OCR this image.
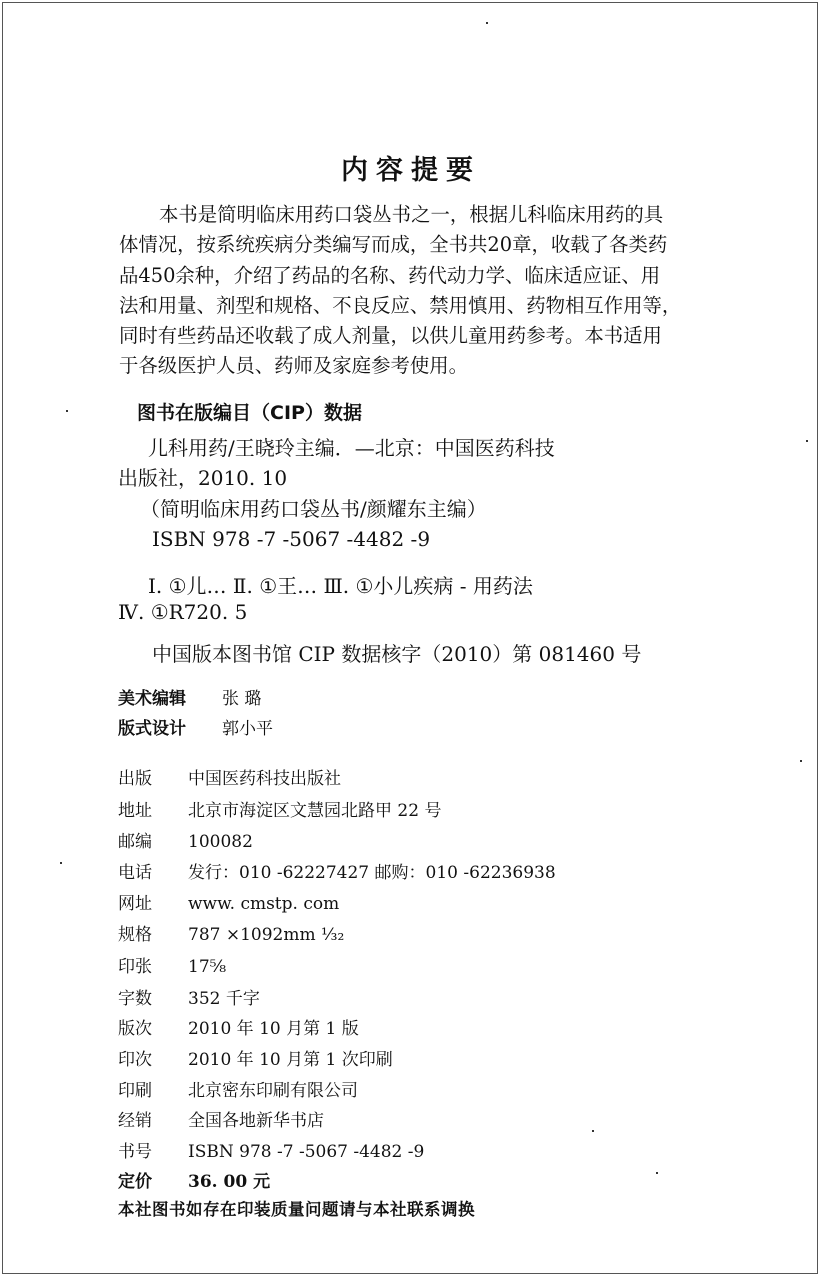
内容提要
本书是简明临床用药口袋丛书之一，根据儿科临床用药的具
体情况，按系统疾病分类编写而成，全书共20章，收载了各类药
品450余种，介绍了药品的名称、药代动力学、临床适应证、用
法和用量、剂型和规格、不良反应、禁用慎用、药物相互作用等，
同时有些药品还收载了成人剂量，以供儿童用药参考。本书适用
于各级医护人员、药师及家庭参考使用。
图书在版编目（CIP）数据
儿科用药/王晓玲主编．—北京：中国医药科技
出版社，2010. 10
（简明临床用药口袋丛书/颜耀东主编）
ISBN 978 -7 -5067 -4482 -9
Ⅰ. ①儿… Ⅱ. ①王… Ⅲ. ①小儿疾病 - 用药法
Ⅳ. ①R720. 5
中国版本图书馆 CIP 数据核字（2010）第 081460 号
美术编辑 张 璐
版式设计 郭小平
出版 中国医药科技出版社
地址 北京市海淀区文慧园北路甲 22 号
邮编 100082
电话 发行：010 -62227427 邮购：010 -62236938
网址 www. cmstp. com
规格 787 ×1092mm ¹⁄₃₂
印张 17⅝
字数 352 千字
版次 2010 年 10 月第 1 版
印次 2010 年 10 月第 1 次印刷
印刷 北京密东印刷有限公司
经销 全国各地新华书店
书号 ISBN 978 -7 -5067 -4482 -9
定价 36. 00 元
本社图书如存在印装质量问题请与本社联系调换
